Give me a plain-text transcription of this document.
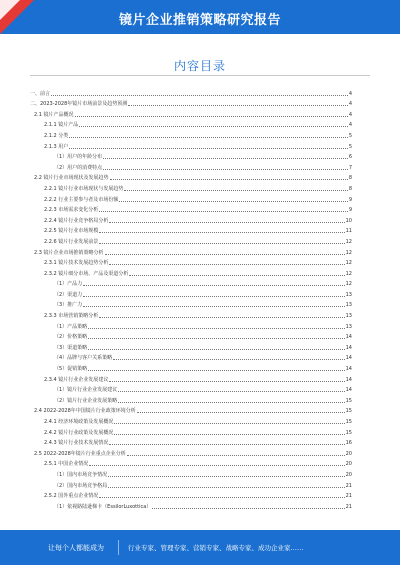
镜片企业推销策略研究报告
内容目录
一、前言	4
二、2023-2028年镜片市场前景及趋势预测	4
2.1 镜片产品概况	4
2.1.1 镜片产品	4
2.1.2 分类	5
2.1.3 用户	5
（1）用户的年龄分布	6
（2）用户的消费特点	7
2.2 镜片行业市场现状及发展趋势	8
2.2.1 镜片行业市场现状与发展趋势	8
2.2.2 行业主要参与者及市场份额	9
2.2.3 市场需求变化分析	9
2.2.4 镜片行业竞争格局分析	10
2.2.5 镜片行业市场规模	11
2.2.6 镜片行业发展前景	12
2.3 镜片企业市场推销策略分析	12
2.3.1 镜片技术发展趋势分析	12
2.3.2 镜片细分市场、产品及渠道分析	12
（1）产品力	12
（2）渠道力	13
（3）推广力	13
2.3.3 市场营销策略分析	13
（1）产品策略	13
（2）价格策略	14
（3）渠道策略	14
（4）品牌与客户关系策略	14
（5）促销策略	14
2.3.4 镜片行业企业发展建议	14
（1）镜片行业企业发展建议	14
（2）镜片行业企业发展策略	15
2.4 2022-2028年中国镜片行业政策环境分析	15
2.4.1 经济环境政策及发展概况	15
2.4.2 镜片行业政策及发展概况	15
2.4.3 镜片行业技术发展情况	16
2.5 2022-2028年镜片行业重点企业分析	20
2.5.1 中国企业情况	20
（1）国内市场竞争情况	20
（2）国内市场竞争格局	21
2.5.2 国外重点企业情况	21
（1）依视路陆逊梯卡（EssilorLuxottica）	21
让每个人都能成为	行业专家、管理专家、营销专家、战略专家、成功企业家……
